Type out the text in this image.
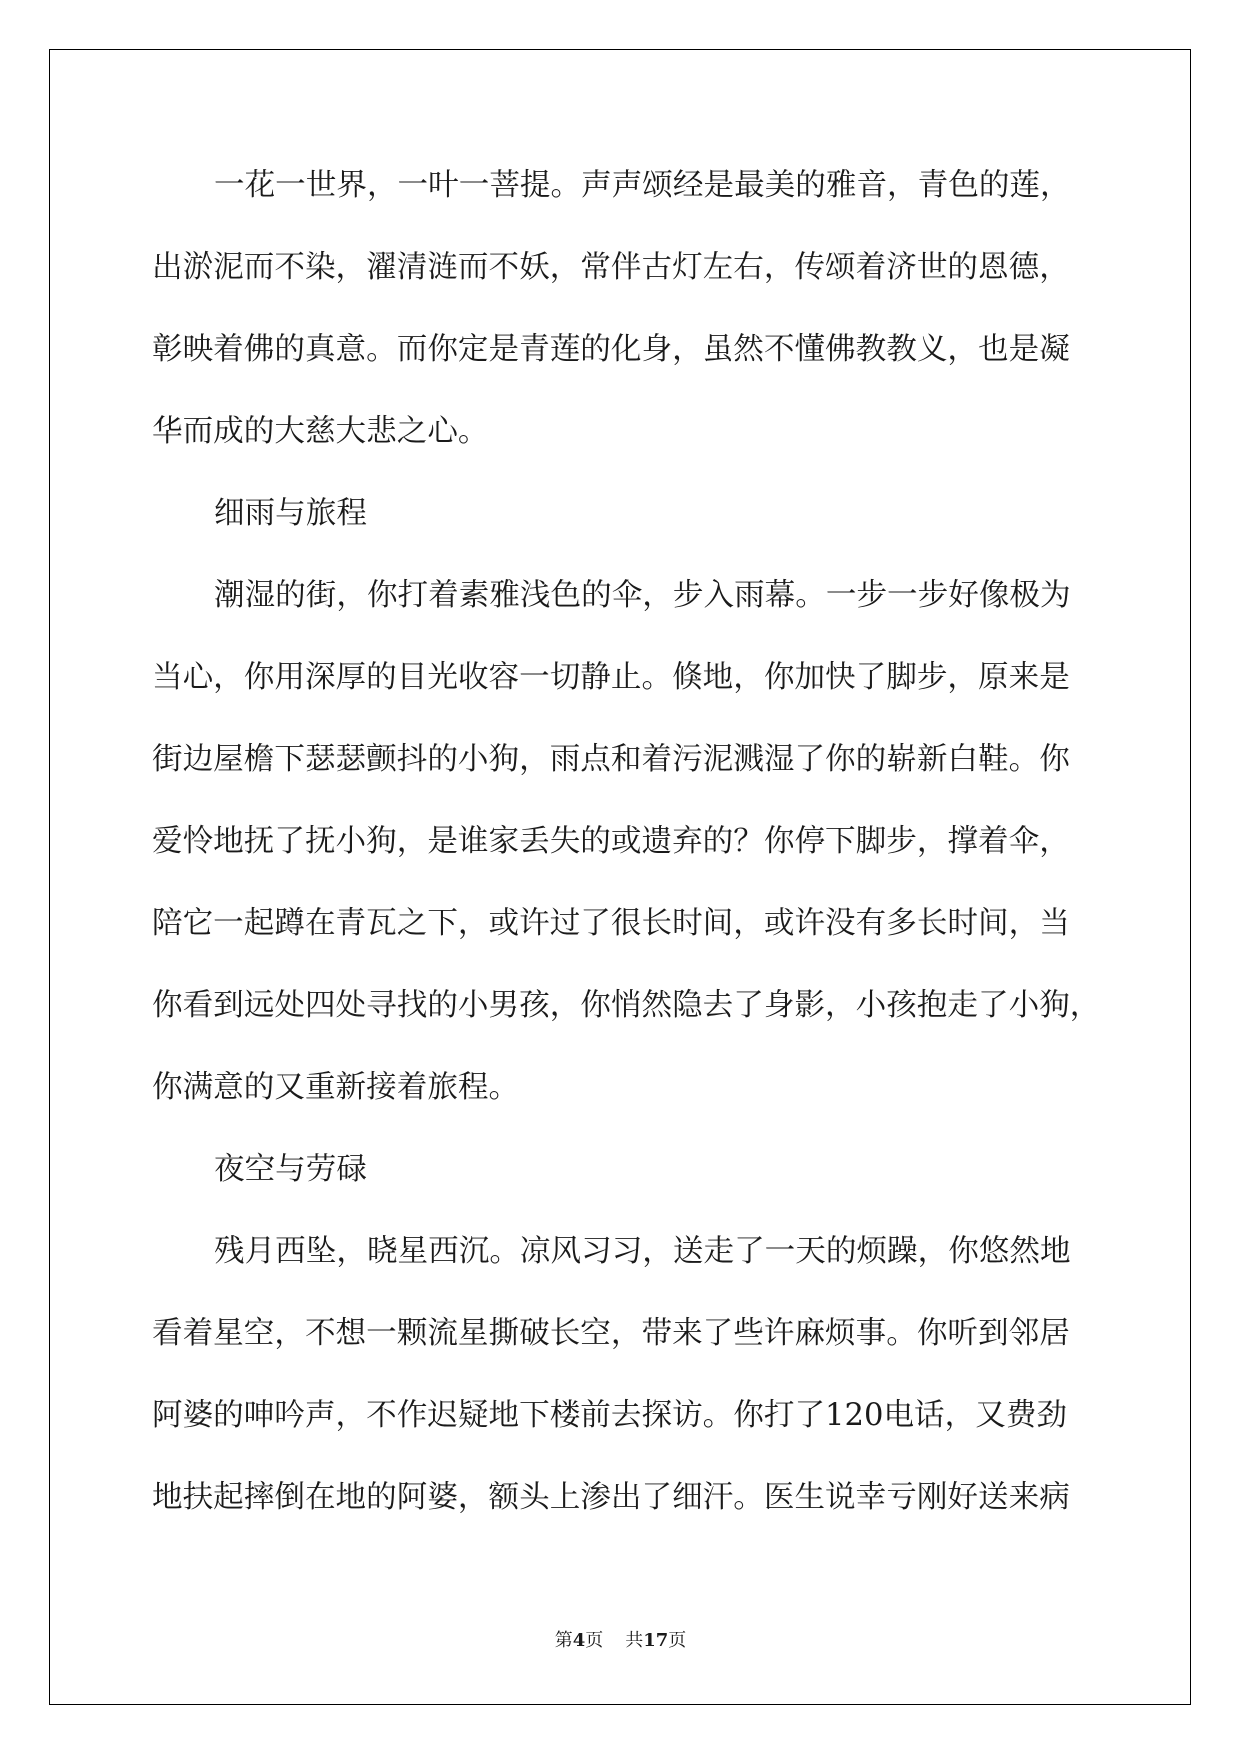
一花一世界，一叶一菩提。声声颂经是最美的雅音，青色的莲，
出淤泥而不染，濯清涟而不妖，常伴古灯左右，传颂着济世的恩德，
彰映着佛的真意。而你定是青莲的化身，虽然不懂佛教教义，也是凝
华而成的大慈大悲之心。
细雨与旅程
潮湿的街，你打着素雅浅色的伞，步入雨幕。一步一步好像极为
当心，你用深厚的目光收容一切静止。倏地，你加快了脚步，原来是
街边屋檐下瑟瑟颤抖的小狗，雨点和着污泥溅湿了你的崭新白鞋。你
爱怜地抚了抚小狗，是谁家丢失的或遗弃的？你停下脚步，撑着伞，
陪它一起蹲在青瓦之下，或许过了很长时间，或许没有多长时间，当
你看到远处四处寻找的小男孩，你悄然隐去了身影，小孩抱走了小狗，
你满意的又重新接着旅程。
夜空与劳碌
残月西坠，晓星西沉。凉风习习，送走了一天的烦躁，你悠然地
看着星空，不想一颗流星撕破长空，带来了些许麻烦事。你听到邻居
阿婆的呻吟声，不作迟疑地下楼前去探访。你打了120电话，又费劲
地扶起摔倒在地的阿婆，额头上渗出了细汗。医生说幸亏刚好送来病
第4页 共17页
